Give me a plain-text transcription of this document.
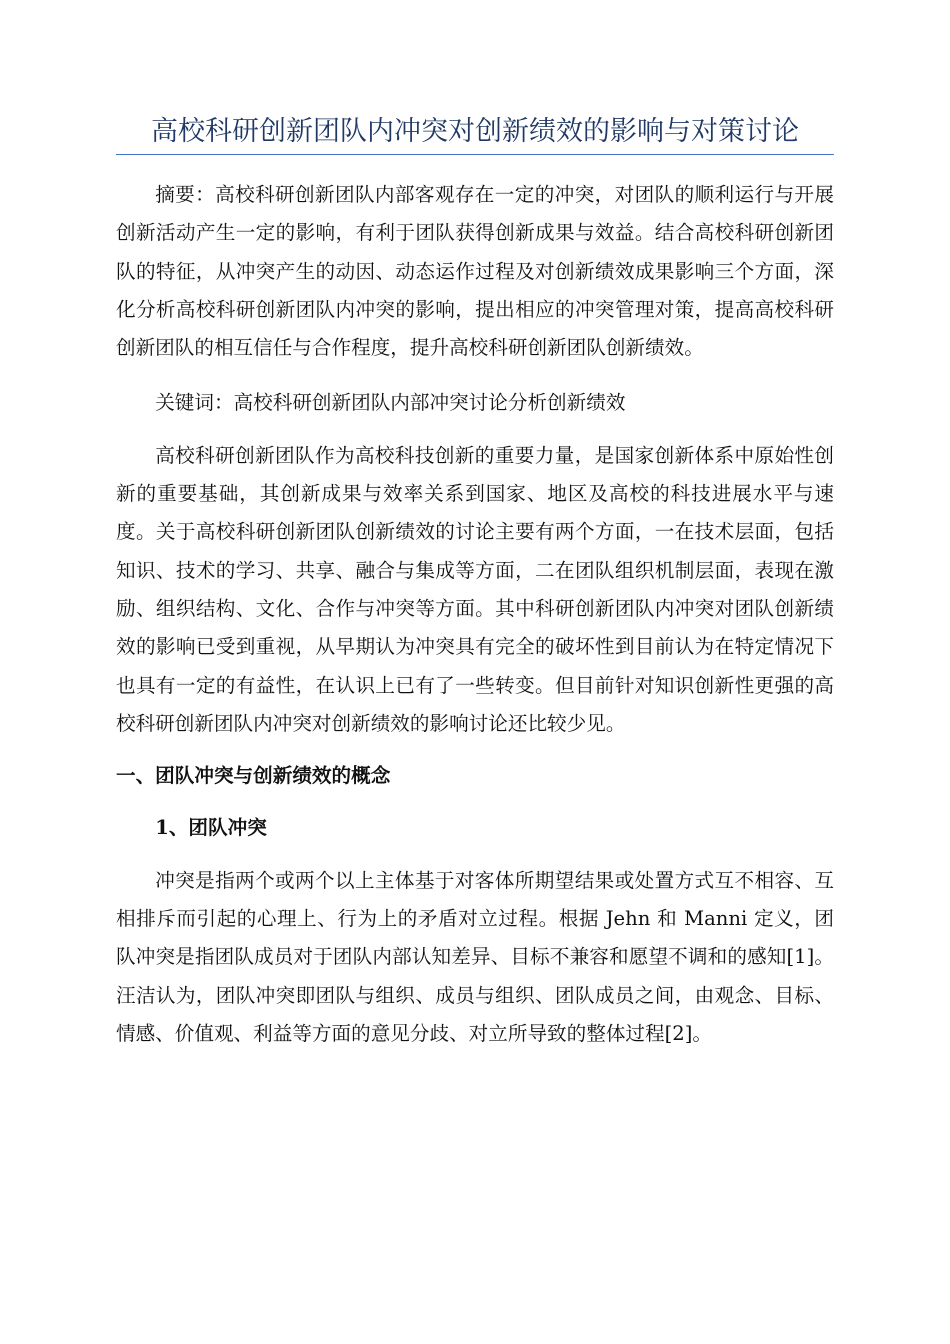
高校科研创新团队内冲突对创新绩效的影响与对策讨论

摘要：高校科研创新团队内部客观存在一定的冲突，对团队的顺利运行与开展创新活动产生一定的影响，有利于团队获得创新成果与效益。结合高校科研创新团队的特征，从冲突产生的动因、动态运作过程及对创新绩效成果影响三个方面，深化分析高校科研创新团队内冲突的影响，提出相应的冲突管理对策，提高高校科研创新团队的相互信任与合作程度，提升高校科研创新团队创新绩效。

关键词：高校科研创新团队内部冲突讨论分析创新绩效

高校科研创新团队作为高校科技创新的重要力量，是国家创新体系中原始性创新的重要基础，其创新成果与效率关系到国家、地区及高校的科技进展水平与速度。关于高校科研创新团队创新绩效的讨论主要有两个方面，一在技术层面，包括知识、技术的学习、共享、融合与集成等方面，二在团队组织机制层面，表现在激励、组织结构、文化、合作与冲突等方面。其中科研创新团队内冲突对团队创新绩效的影响已受到重视，从早期认为冲突具有完全的破坏性到目前认为在特定情况下也具有一定的有益性，在认识上已有了一些转变。但目前针对知识创新性更强的高校科研创新团队内冲突对创新绩效的影响讨论还比较少见。

一、团队冲突与创新绩效的概念
1、团队冲突

冲突是指两个或两个以上主体基于对客体所期望结果或处置方式互不相容、互相排斥而引起的心理上、行为上的矛盾对立过程。根据 Jehn 和 Manni 定义，团队冲突是指团队成员对于团队内部认知差异、目标不兼容和愿望不调和的感知[1]。汪洁认为，团队冲突即团队与组织、成员与组织、团队成员之间，由观念、目标、情感、价值观、利益等方面的意见分歧、对立所导致的整体过程[2]。
